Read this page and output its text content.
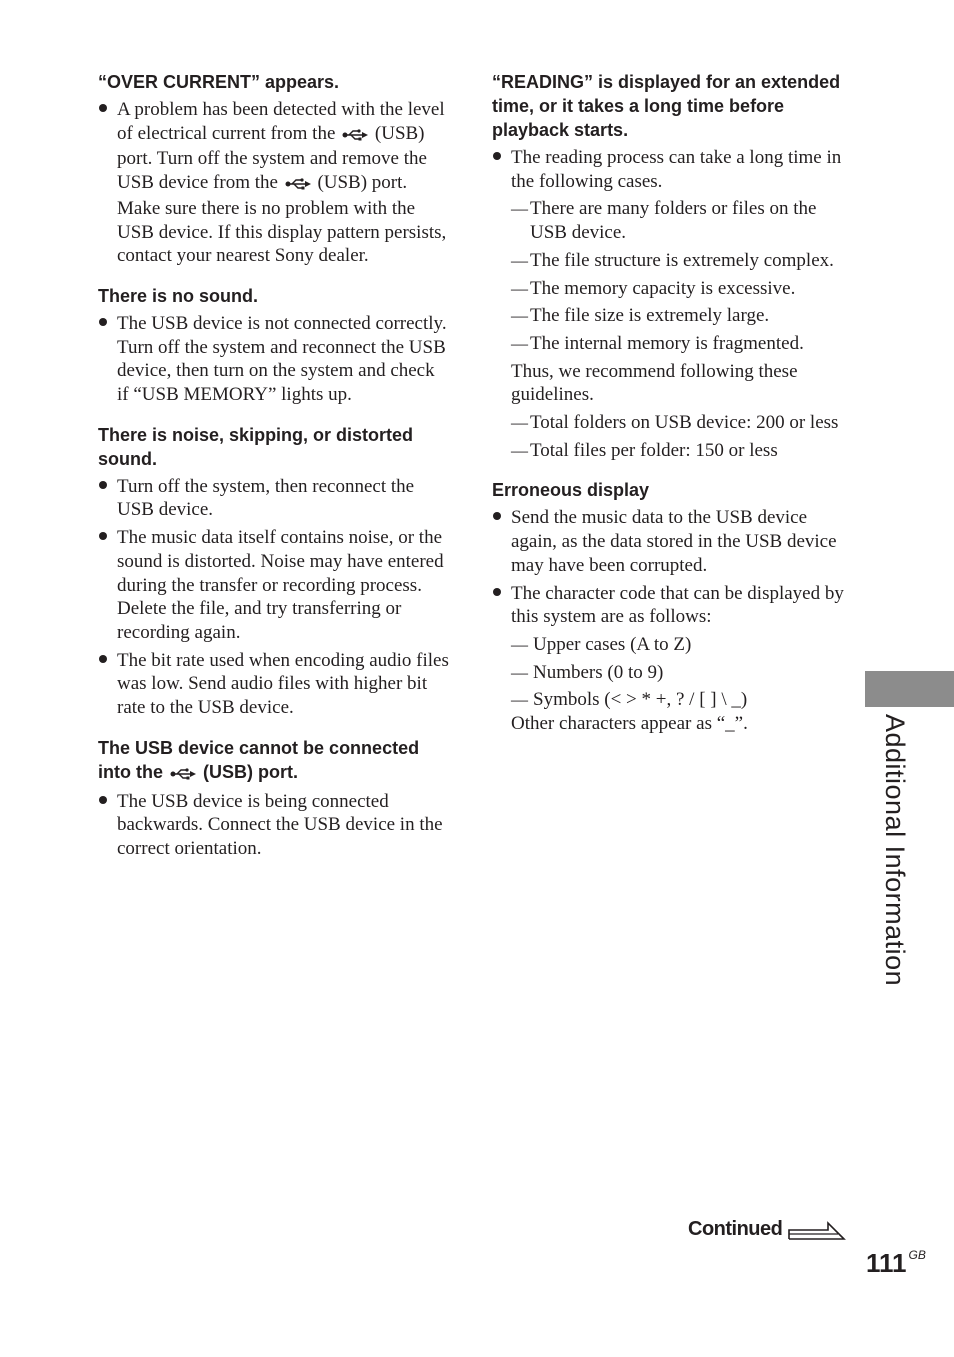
“OVER CURRENT” appears.

A problem has been detected with the level of electrical current from the (USB) port. Turn off the system and remove the USB device from the (USB) port. Make sure there is no problem with the USB device. If this display pattern persists, contact your nearest Sony dealer.

There is no sound.

The USB device is not connected correctly. Turn off the system and reconnect the USB device, then turn on the system and check if “USB MEMORY” lights up.

There is noise, skipping, or distorted sound.

Turn off the system, then reconnect the USB device.
The music data itself contains noise, or the sound is distorted. Noise may have entered during the transfer or recording process. Delete the file, and try transferring or recording again.
The bit rate used when encoding audio files was low. Send audio files with higher bit rate to the USB device.

The USB device cannot be connected into the (USB) port.

The USB device is being connected backwards. Connect the USB device in the correct orientation.

“READING” is displayed for an extended time, or it takes a long time before playback starts.

The reading process can take a long time in the following cases.
— There are many folders or files on the USB device.
— The file structure is extremely complex.
— The memory capacity is excessive.
— The file size is extremely large.
— The internal memory is fragmented.

Thus, we recommend following these guidelines.

— Total folders on USB device: 200 or less
— Total files per folder: 150 or less

Erroneous display

Send the music data to the USB device again, as the data stored in the USB device may have been corrupted.
The character code that can be displayed by this system are as follows:
— Upper cases (A to Z)
— Numbers (0 to 9)
— Symbols (< > * +, ? / [ ] \ _)
Other characters appear as “_”.	Additional Information
Continued
111 $^{GB}$
